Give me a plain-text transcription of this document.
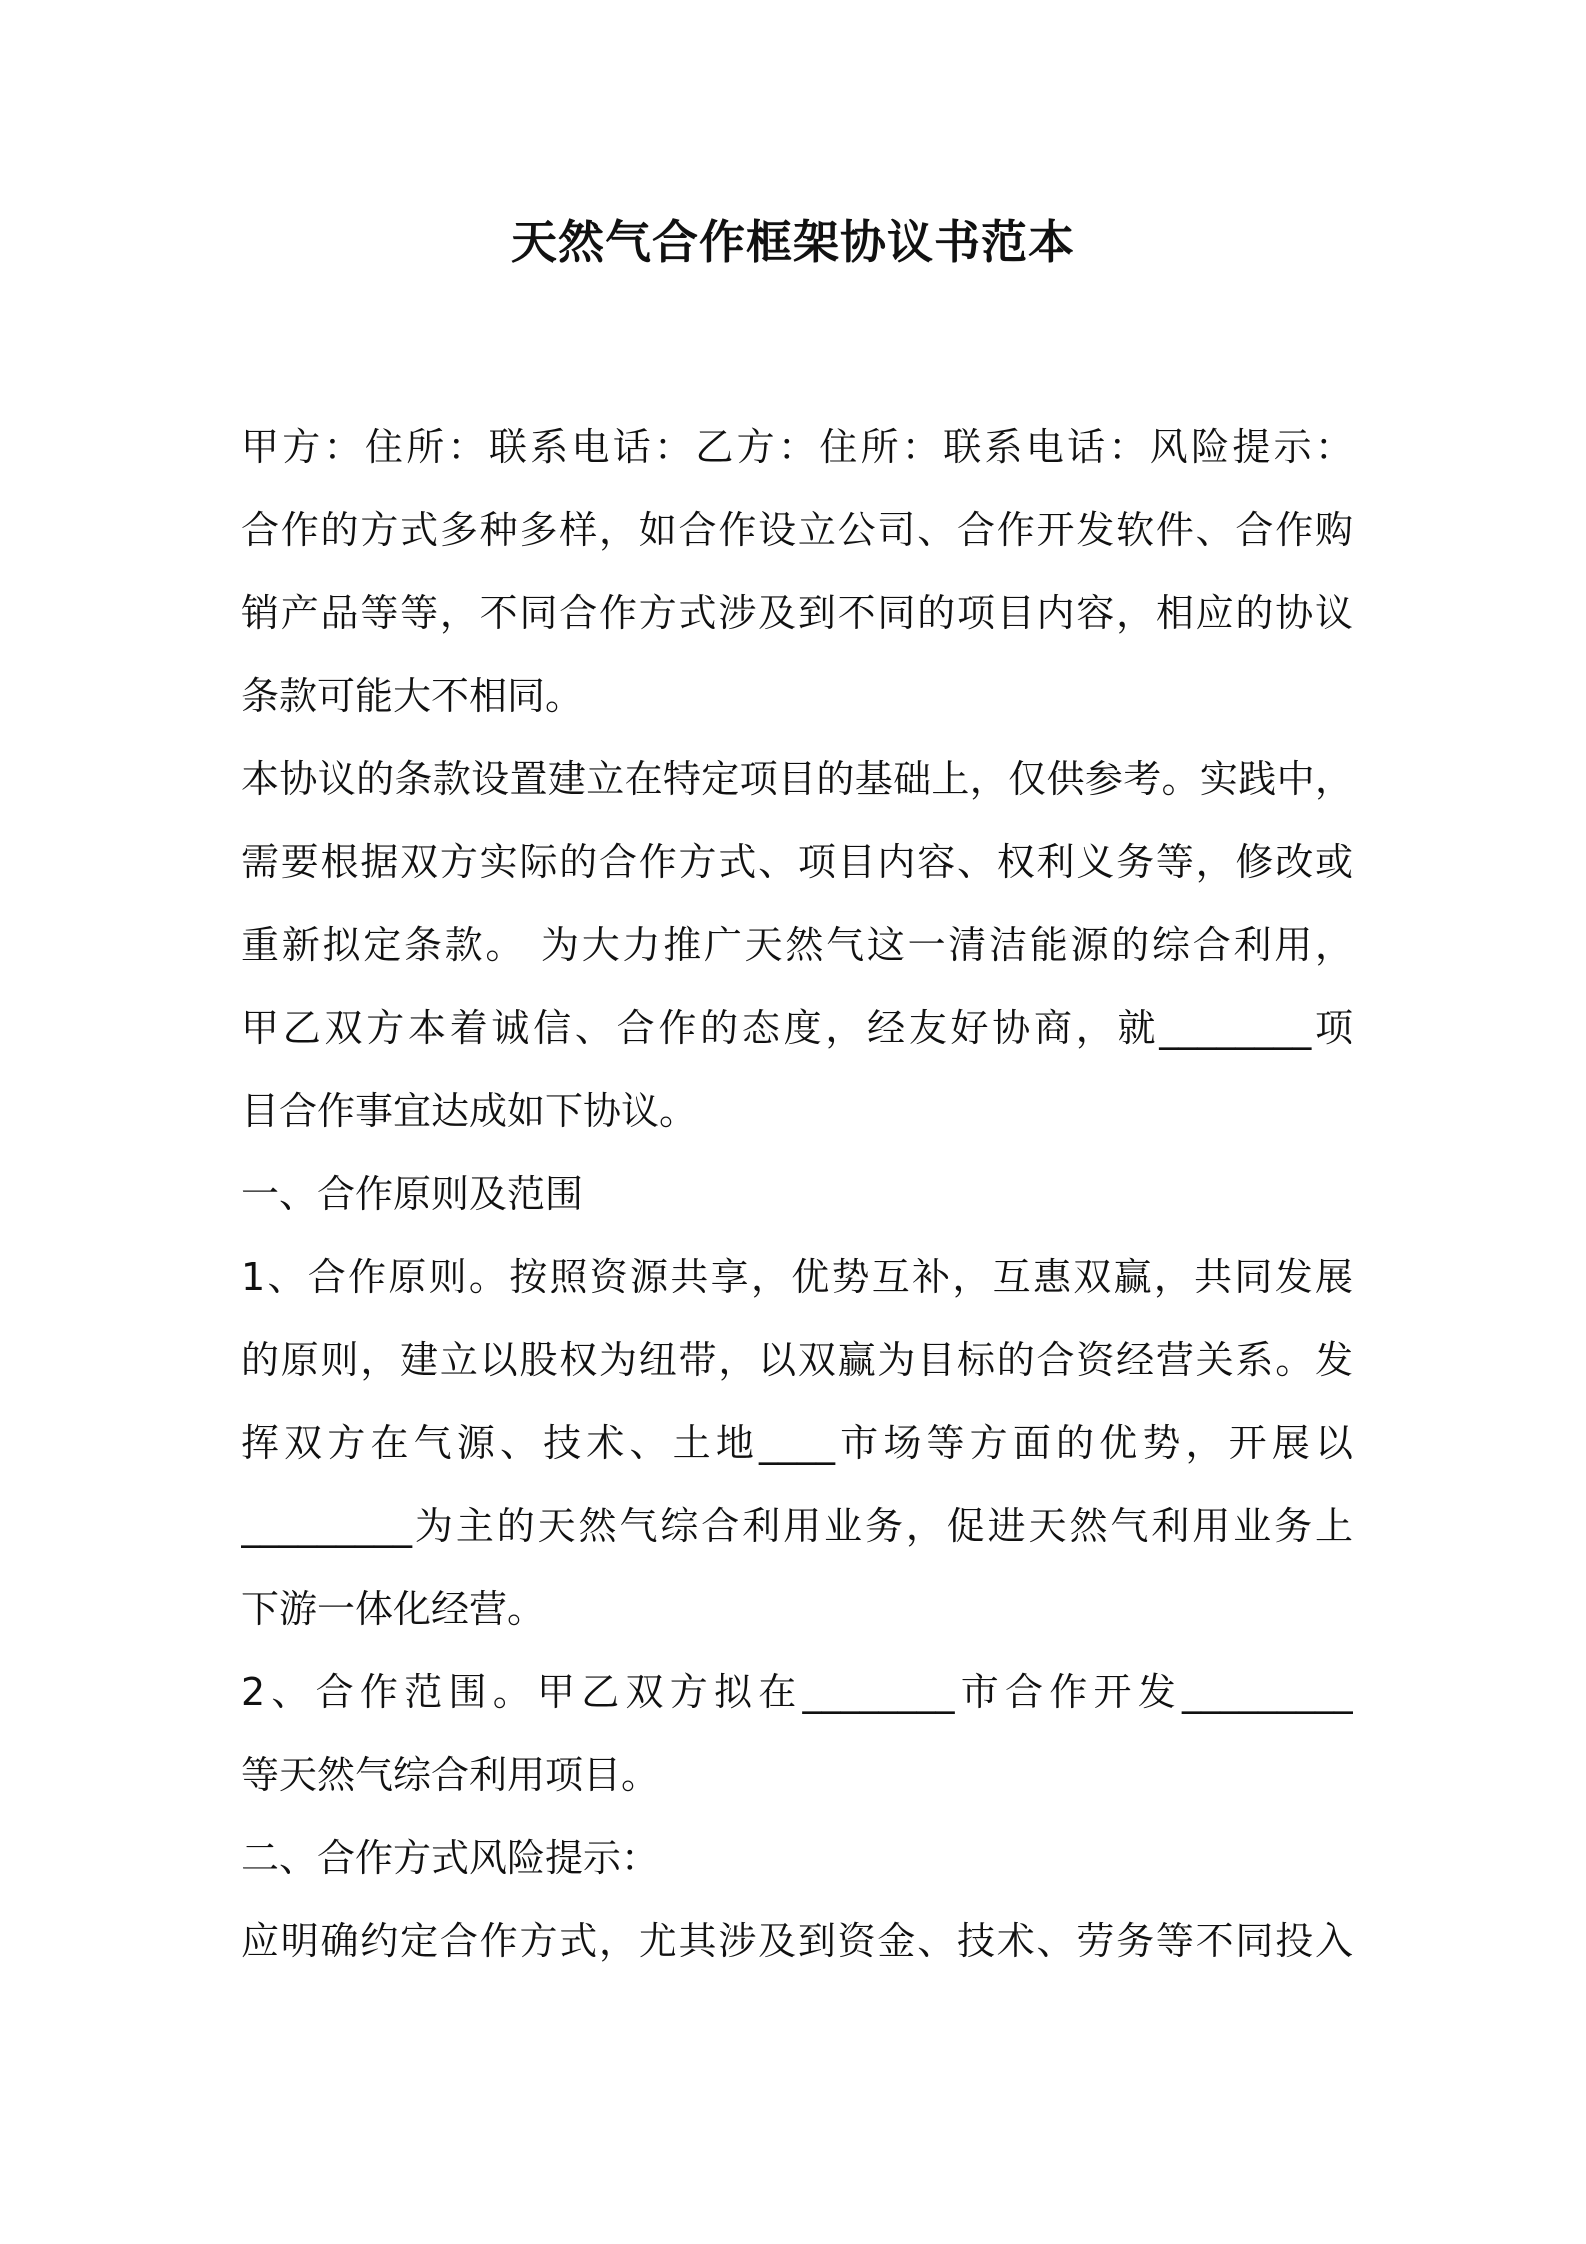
天然气合作框架协议书范本
甲方：住所：联系电话：乙方：住所：联系电话：风险提示：
合作的方式多种多样，如合作设立公司、合作开发软件、合作购
销产品等等，不同合作方式涉及到不同的项目内容，相应的协议
条款可能大不相同。
本协议的条款设置建立在特定项目的基础上，仅供参考。实践中，
需要根据双方实际的合作方式、项目内容、权利义务等，修改或
重新拟定条款。 为大力推广天然气这一清洁能源的综合利用，
甲乙双方本着诚信、合作的态度，经友好协商，就________项
目合作事宜达成如下协议。
一、合作原则及范围
1、合作原则。按照资源共享，优势互补，互惠双赢，共同发展
的原则，建立以股权为纽带，以双赢为目标的合资经营关系。发
挥双方在气源、技术、土地____市场等方面的优势，开展以
_________为主的天然气综合利用业务，促进天然气利用业务上
下游一体化经营。
2、合作范围。甲乙双方拟在________市合作开发_________
等天然气综合利用项目。
二、合作方式风险提示：
应明确约定合作方式，尤其涉及到资金、技术、劳务等不同投入
